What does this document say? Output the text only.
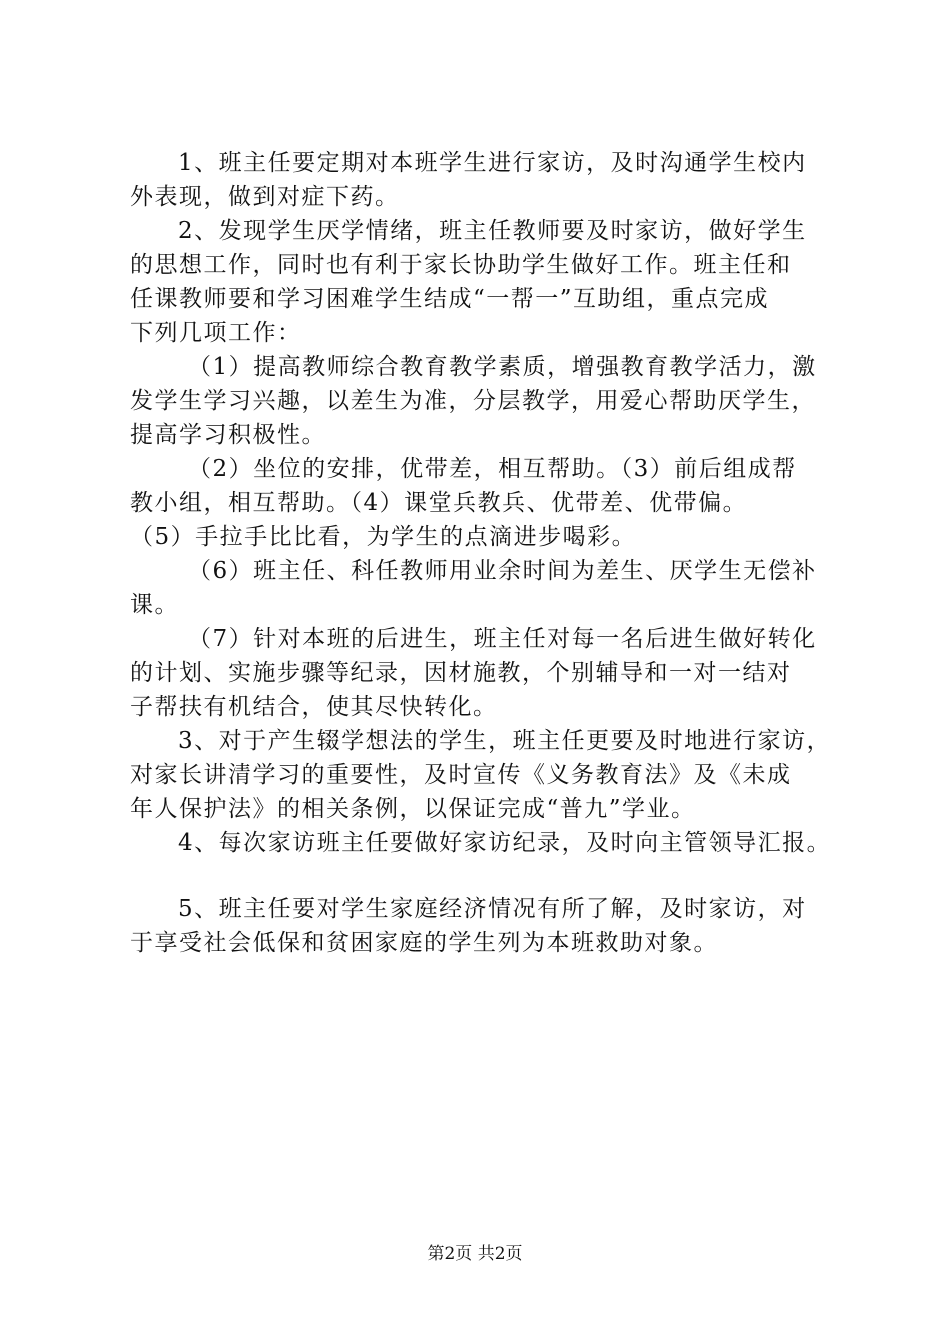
1、班主任要定期对本班学生进行家访，及时沟通学生校内
外表现，做到对症下药。
2、发现学生厌学情绪，班主任教师要及时家访，做好学生
的思想工作，同时也有利于家长协助学生做好工作。班主任和
任课教师要和学习困难学生结成“一帮一”互助组，重点完成
下列几项工作：
（1）提高教师综合教育教学素质，增强教育教学活力，激
发学生学习兴趣，以差生为准，分层教学，用爱心帮助厌学生，
提高学习积极性。
（2）坐位的安排，优带差，相互帮助。（3）前后组成帮
教小组，相互帮助。（4）课堂兵教兵、优带差、优带偏。
（5）手拉手比比看，为学生的点滴进步喝彩。
（6）班主任、科任教师用业余时间为差生、厌学生无偿补
课。
（7）针对本班的后进生，班主任对每一名后进生做好转化
的计划、实施步骤等纪录，因材施教，个别辅导和一对一结对
子帮扶有机结合，使其尽快转化。
3、对于产生辍学想法的学生，班主任更要及时地进行家访，
对家长讲清学习的重要性，及时宣传《义务教育法》及《未成
年人保护法》的相关条例，以保证完成“普九”学业。
4、每次家访班主任要做好家访纪录，及时向主管领导汇报。
5、班主任要对学生家庭经济情况有所了解，及时家访，对
于享受社会低保和贫困家庭的学生列为本班救助对象。
第2页 共2页
